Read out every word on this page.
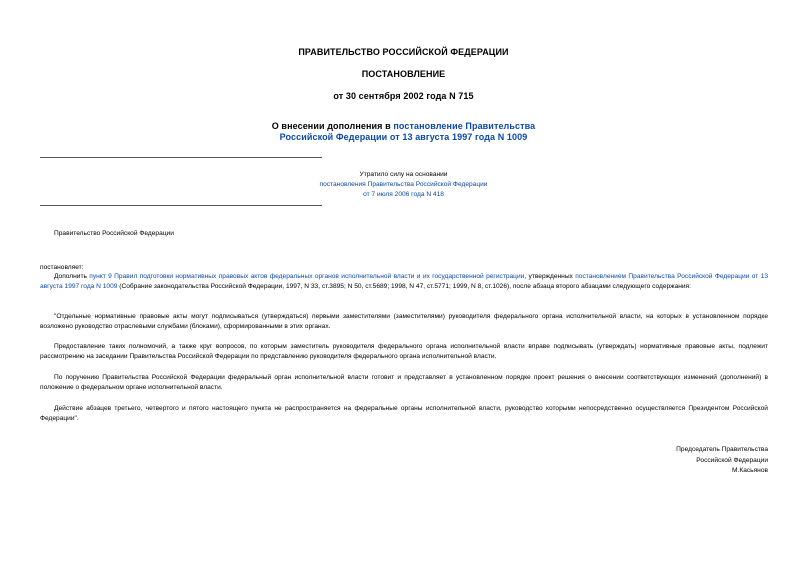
ПРАВИТЕЛЬСТВО РОССИЙСКОЙ ФЕДЕРАЦИИ
ПОСТАНОВЛЕНИЕ
от 30 сентября 2002 года N 715
О внесении дополнения в постановление Правительства
Российской Федерации от 13 августа 1997 года N 1009
Утратило силу на основании
постановления Правительства Российской Федерации
от 7 июля 2006 года N 418
Правительство Российской Федерации
постановляет:
Дополнить пункт 9 Правил подготовки нормативных правовых актов федеральных органов исполнительной власти и их государственной регистрации, утвержденных постановлением Правительства Российской Федерации от 13 августа 1997 года N 1009 (Собрание законодательства Российской Федерации, 1997, N 33, ст.3895; N 50, ст.5689; 1998, N 47, ст.5771; 1999, N 8, ст.1026), после абзаца второго абзацами следующего содержания:
"Отдельные нормативные правовые акты могут подписываться (утверждаться) первыми заместителями (заместителями) руководителя федерального органа исполнительной власти, на которых в установленном порядке возложено руководство отраслевыми службами (блоками), сформированными в этих органах.
Предоставление таких полномочий, а также круг вопросов, по которым заместитель руководителя федерального органа исполнительной власти вправе подписывать (утверждать) нормативные правовые акты, подлежит рассмотрению на заседании Правительства Российской Федерации по представлению руководителя федерального органа исполнительной власти.
По поручению Правительства Российской Федерации федеральный орган исполнительной власти готовит и представляет в установленном порядке проект решения о внесении соответствующих изменений (дополнений) в положение о федеральном органе исполнительной власти.
Действие абзацев третьего, четвертого и пятого настоящего пункта не распространяется на федеральные органы исполнительной власти, руководство которыми непосредственно осуществляется Президентом Российской Федерации".
Председатель Правительства
Российской Федерации
М.Касьянов
